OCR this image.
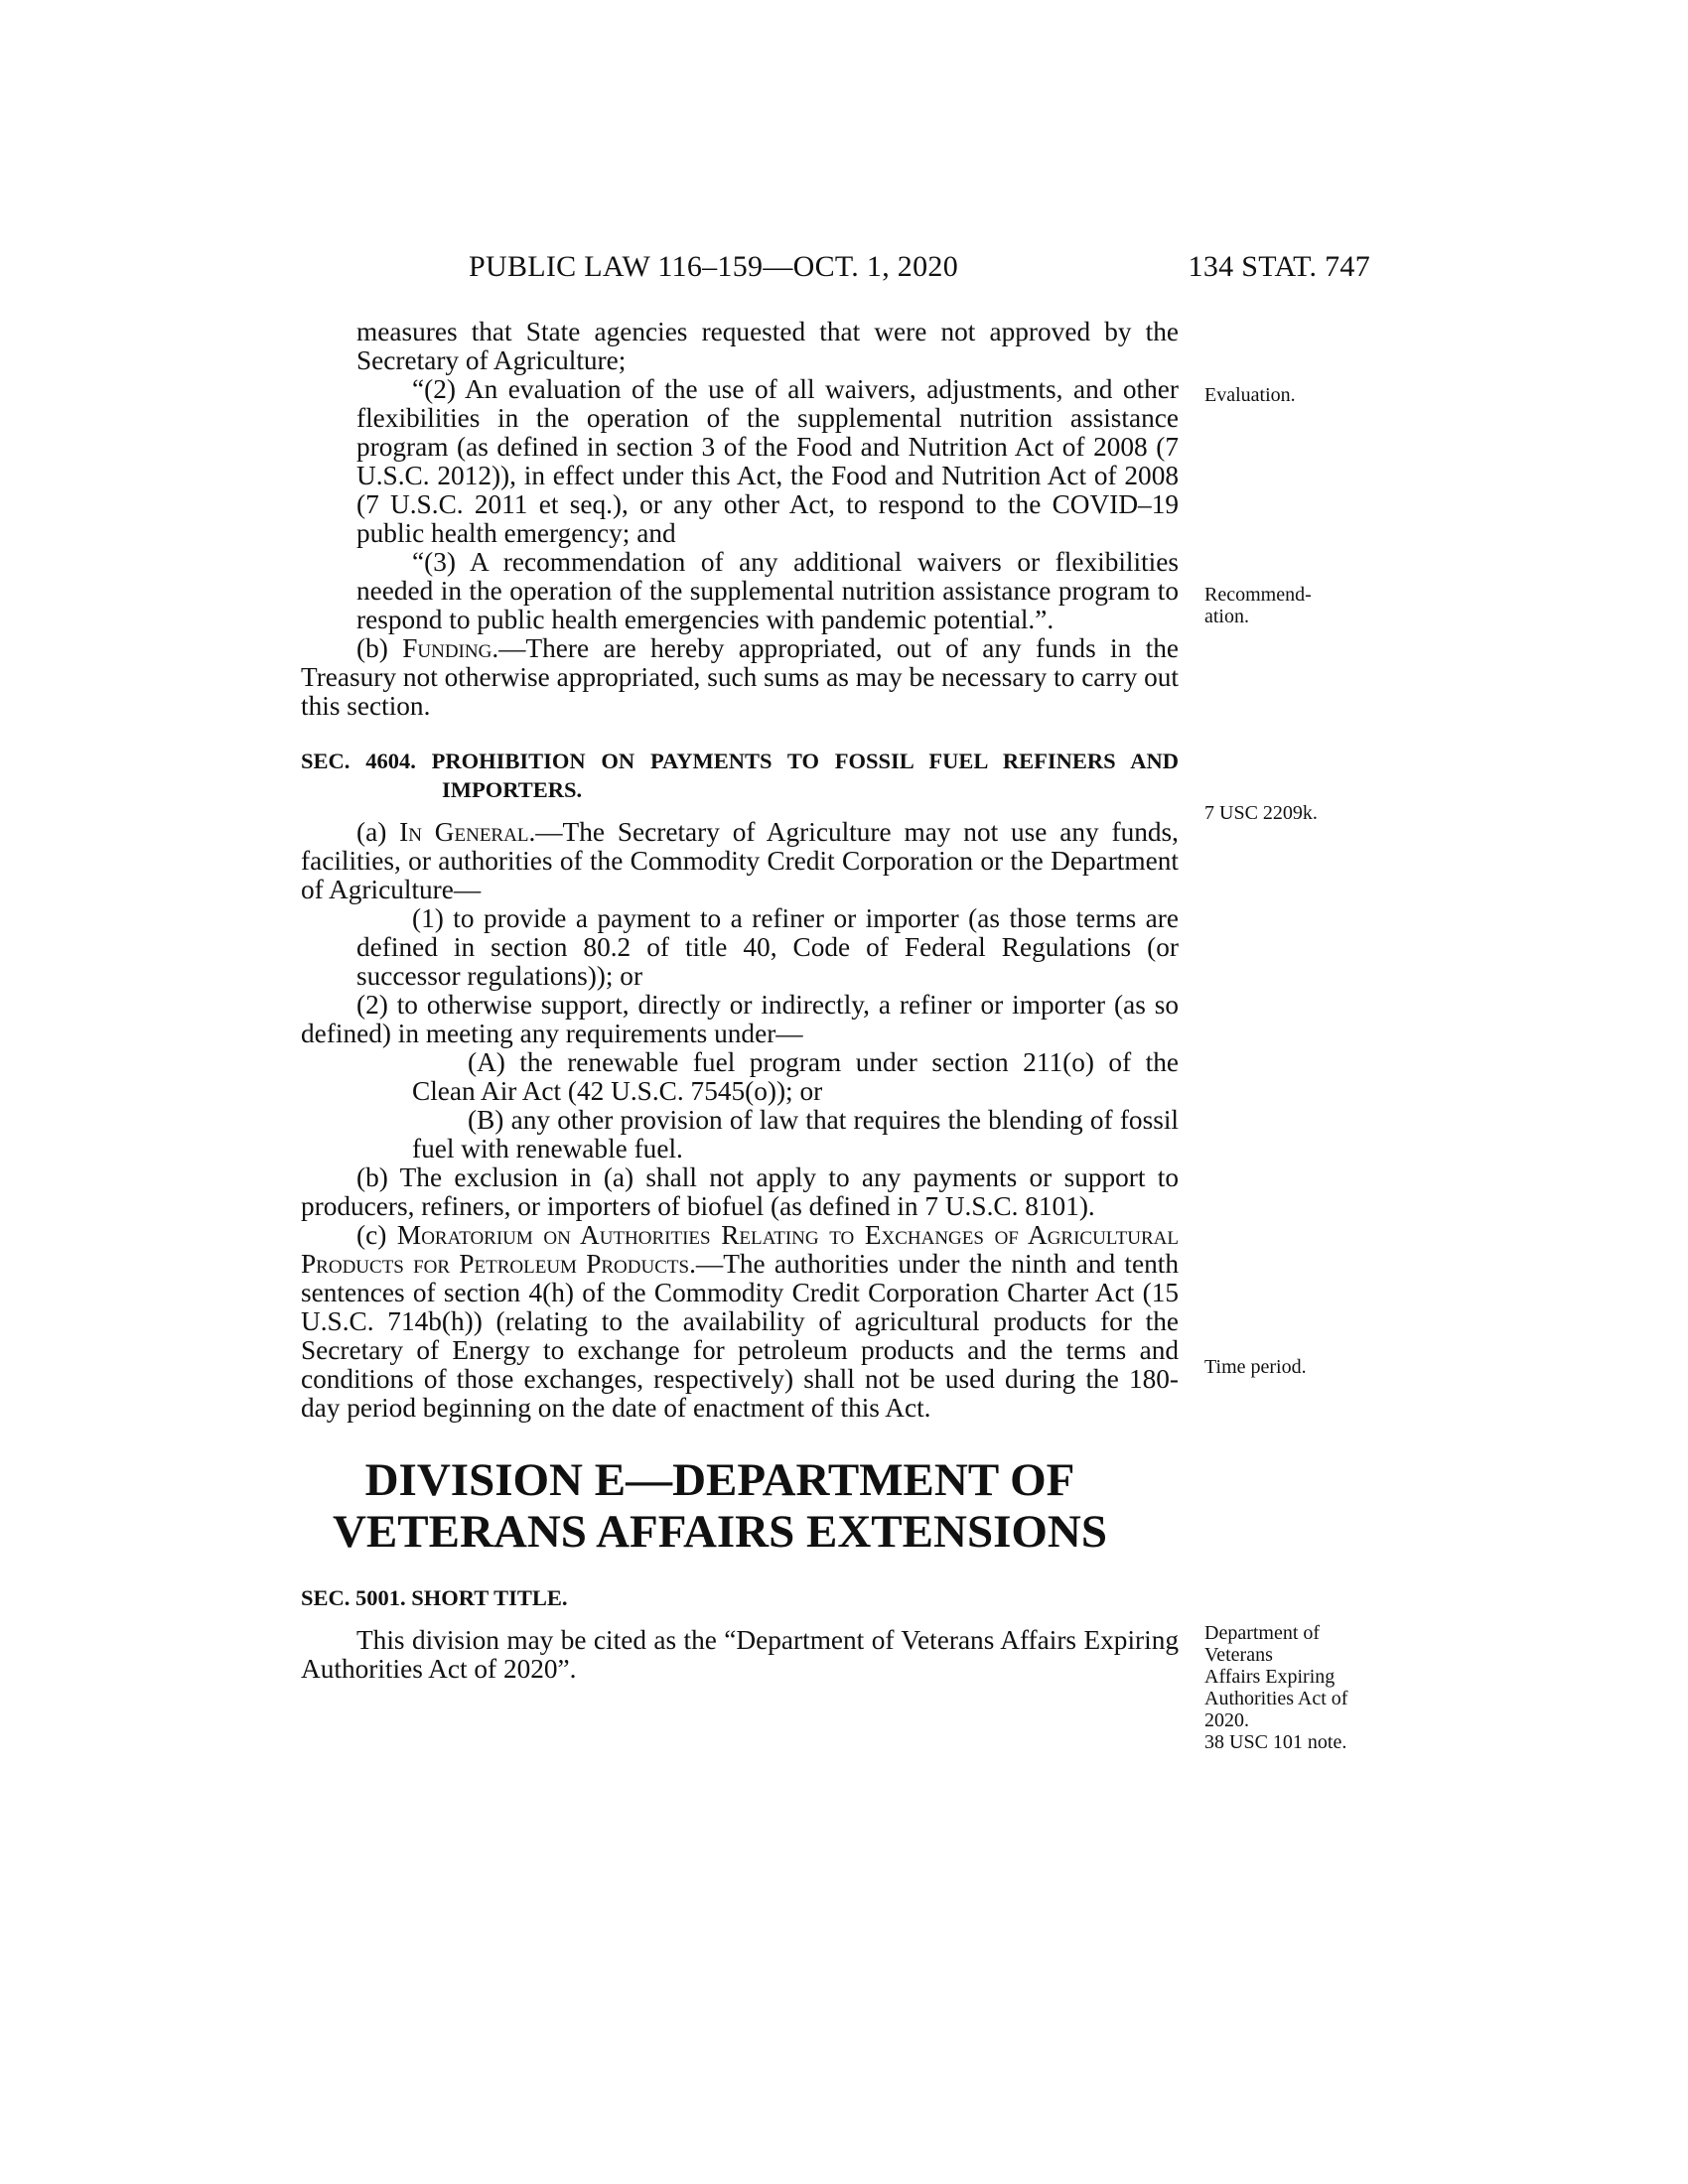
PUBLIC LAW 116–159—OCT. 1, 2020	134 STAT. 747

measures that State agencies requested that were not approved by the Secretary of Agriculture;

“(2) An evaluation of the use of all waivers, adjustments, and other flexibilities in the operation of the supplemental nutrition assistance program (as defined in section 3 of the Food and Nutrition Act of 2008 (7 U.S.C. 2012)), in effect under this Act, the Food and Nutrition Act of 2008 (7 U.S.C. 2011 et seq.), or any other Act, to respond to the COVID–19 public health emergency; and

“(3) A recommendation of any additional waivers or flexibilities needed in the operation of the supplemental nutrition assistance program to respond to public health emergencies with pandemic potential.”.

(b) Funding.—There are hereby appropriated, out of any funds in the Treasury not otherwise appropriated, such sums as may be necessary to carry out this section.

SEC. 4604. PROHIBITION ON PAYMENTS TO FOSSIL FUEL REFINERS AND IMPORTERS.

(a) In General.—The Secretary of Agriculture may not use any funds, facilities, or authorities of the Commodity Credit Corporation or the Department of Agriculture—

(1) to provide a payment to a refiner or importer (as those terms are defined in section 80.2 of title 40, Code of Federal Regulations (or successor regulations)); or

(2) to otherwise support, directly or indirectly, a refiner or importer (as so defined) in meeting any requirements under—

(A) the renewable fuel program under section 211(o) of the Clean Air Act (42 U.S.C. 7545(o)); or

(B) any other provision of law that requires the blending of fossil fuel with renewable fuel.

(b) The exclusion in (a) shall not apply to any payments or support to producers, refiners, or importers of biofuel (as defined in 7 U.S.C. 8101).

(c) Moratorium on Authorities Relating to Exchanges of Agricultural Products for Petroleum Products.—The authorities under the ninth and tenth sentences of section 4(h) of the Commodity Credit Corporation Charter Act (15 U.S.C. 714b(h)) (relating to the availability of agricultural products for the Secretary of Energy to exchange for petroleum products and the terms and conditions of those exchanges, respectively) shall not be used during the 180-day period beginning on the date of enactment of this Act.

DIVISION E—DEPARTMENT OF
VETERANS AFFAIRS EXTENSIONS

SEC. 5001. SHORT TITLE.

This division may be cited as the “Department of Veterans Affairs Expiring Authorities Act of 2020”.

Evaluation.
Recommend-
ation.
7 USC 2209k.
Time period.
Department of
Veterans
Affairs Expiring
Authorities Act of
2020.
38 USC 101 note.
